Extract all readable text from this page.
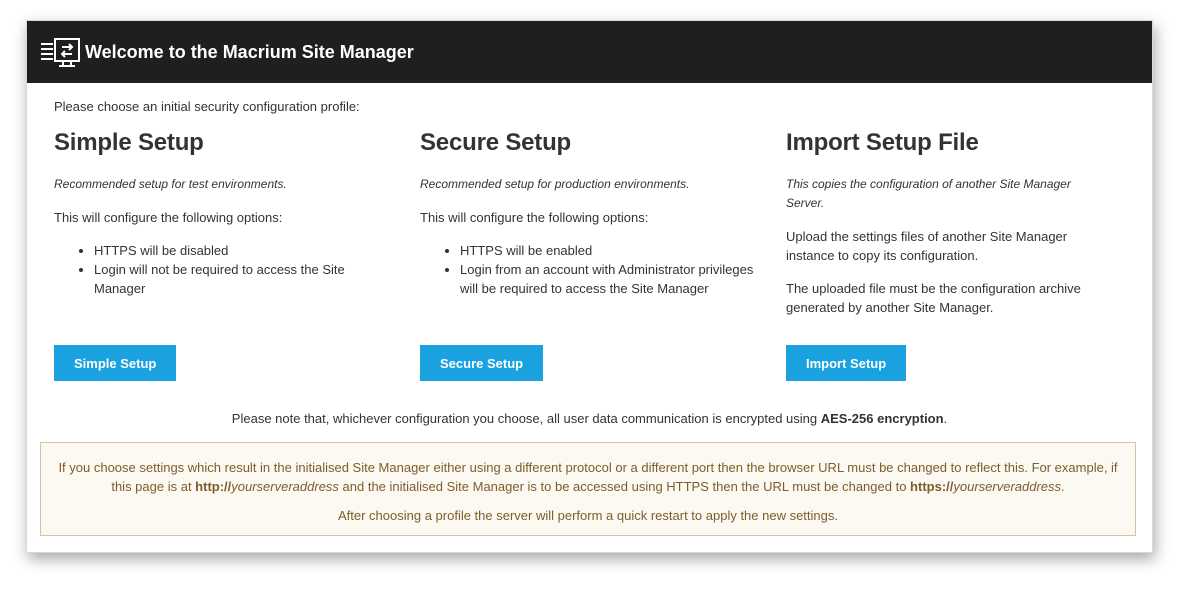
Welcome to the Macrium Site Manager
Please choose an initial security configuration profile:
Simple Setup
Recommended setup for test environments.

This will configure the following options:

• HTTPS will be disabled
• Login will not be required to access the Site Manager
Secure Setup
Recommended setup for production environments.

This will configure the following options:

• HTTPS will be enabled
• Login from an account with Administrator privileges will be required to access the Site Manager
Import Setup File
This copies the configuration of another Site Manager Server.

Upload the settings files of another Site Manager instance to copy its configuration.

The uploaded file must be the configuration archive generated by another Site Manager.

Simple Setup	Secure Setup	Import Setup
Please note that, whichever configuration you choose, all user data communication is encrypted using AES-256 encryption.

If you choose settings which result in the initialised Site Manager either using a different protocol or a different port then the browser URL must be changed to reflect this. For example, if this page is at http://yourserveraddress and the initialised Site Manager is to be accessed using HTTPS then the URL must be changed to https://yourserveraddress.

After choosing a profile the server will perform a quick restart to apply the new settings.
